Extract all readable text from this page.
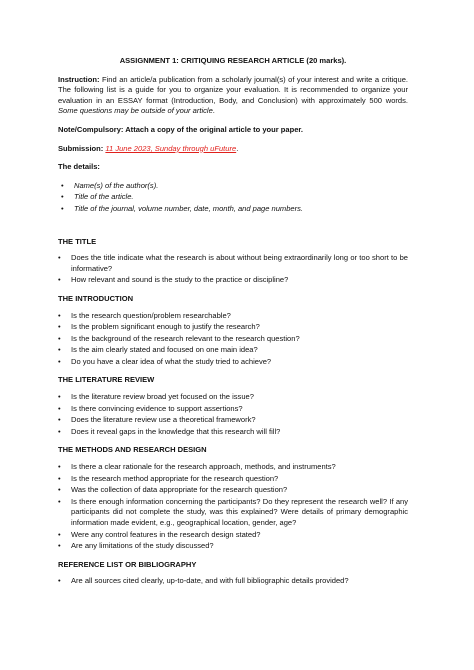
ASSIGNMENT 1: CRITIQUING RESEARCH ARTICLE (20 marks).

Instruction: Find an article/a publication from a scholarly journal(s) of your interest and write a critique. The following list is a guide for you to organize your evaluation. It is recommended to organize your evaluation in an ESSAY format (Introduction, Body, and Conclusion) with approximately 500 words. Some questions may be outside of your article.

Note/Compulsory: Attach a copy of the original article to your paper.

Submission: 11 June 2023, Sunday through uFuture.

The details:

• Name(s) of the author(s).
• Title of the article.
• Title of the journal, volume number, date, month, and page numbers.
THE TITLE
• Does the title indicate what the research is about without being extraordinarily long or too short to be informative?
• How relevant and sound is the study to the practice or discipline?
THE INTRODUCTION
• Is the research question/problem researchable?
• Is the problem significant enough to justify the research?
• Is the background of the research relevant to the research question?
• Is the aim clearly stated and focused on one main idea?
• Do you have a clear idea of what the study tried to achieve?
THE LITERATURE REVIEW
• Is the literature review broad yet focused on the issue?
• Is there convincing evidence to support assertions?
• Does the literature review use a theoretical framework?
• Does it reveal gaps in the knowledge that this research will fill?
THE METHODS AND RESEARCH DESIGN
• Is there a clear rationale for the research approach, methods, and instruments?
• Is the research method appropriate for the research question?
• Was the collection of data appropriate for the research question?
• Is there enough information concerning the participants? Do they represent the research well? If any participants did not complete the study, was this explained? Were details of primary demographic information made evident, e.g., geographical location, gender, age?
• Were any control features in the research design stated?
• Are any limitations of the study discussed?
REFERENCE LIST OR BIBLIOGRAPHY
• Are all sources cited clearly, up-to-date, and with full bibliographic details provided?
